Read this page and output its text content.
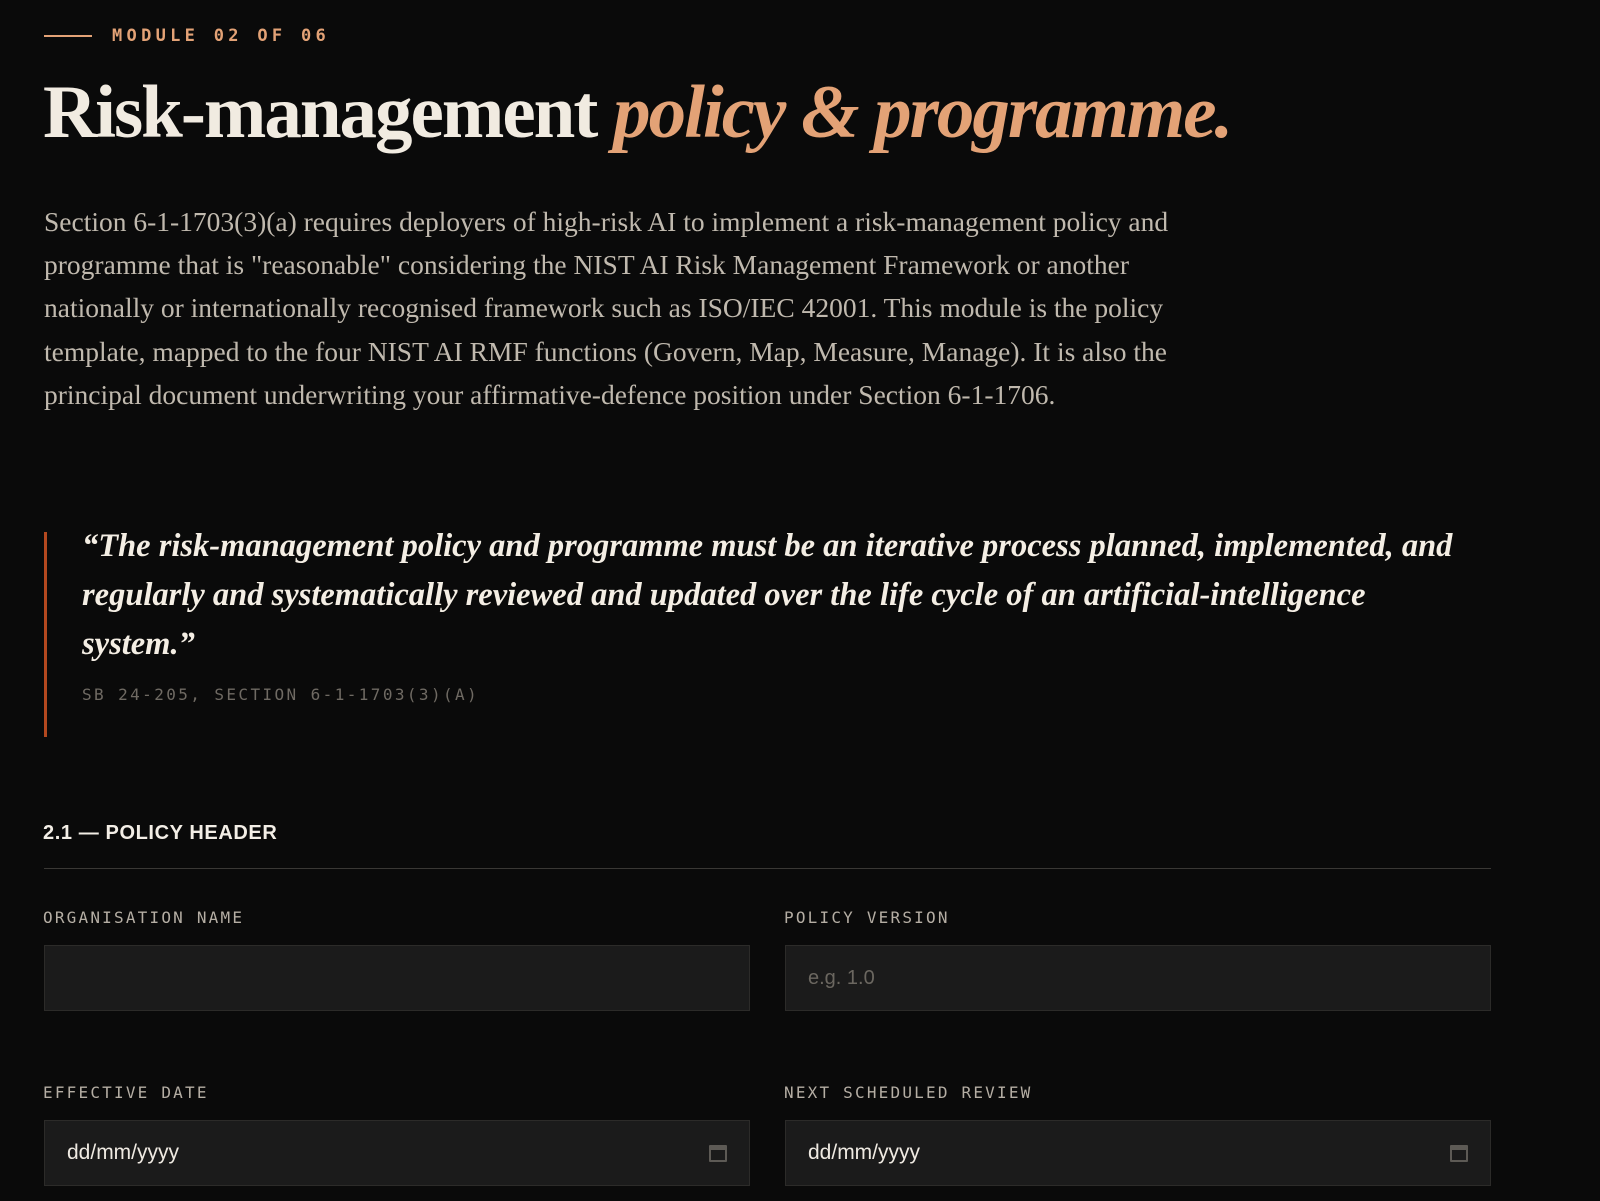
MODULE 02 OF 06
Risk-management policy & programme.

Section 6-1-1703(3)(a) requires deployers of high-risk AI to implement a risk-management policy and programme that is "reasonable" considering the NIST AI Risk Management Framework or another nationally or internationally recognised framework such as ISO/IEC 42001. This module is the policy template, mapped to the four NIST AI RMF functions (Govern, Map, Measure, Manage). It is also the principal document underwriting your affirmative-defence position under Section 6-1-1706.

“The risk-management policy and programme must be an iterative process planned, implemented, and regularly and systematically reviewed and updated over the life cycle of an artificial-intelligence system.”

SB 24-205, SECTION 6-1-1703(3)(A)
2.1 — POLICY HEADER
ORGANISATION NAME	POLICY VERSION
e.g. 1.0
EFFECTIVE DATE
dd/mm/yyyy
NEXT SCHEDULED REVIEW
dd/mm/yyyy
